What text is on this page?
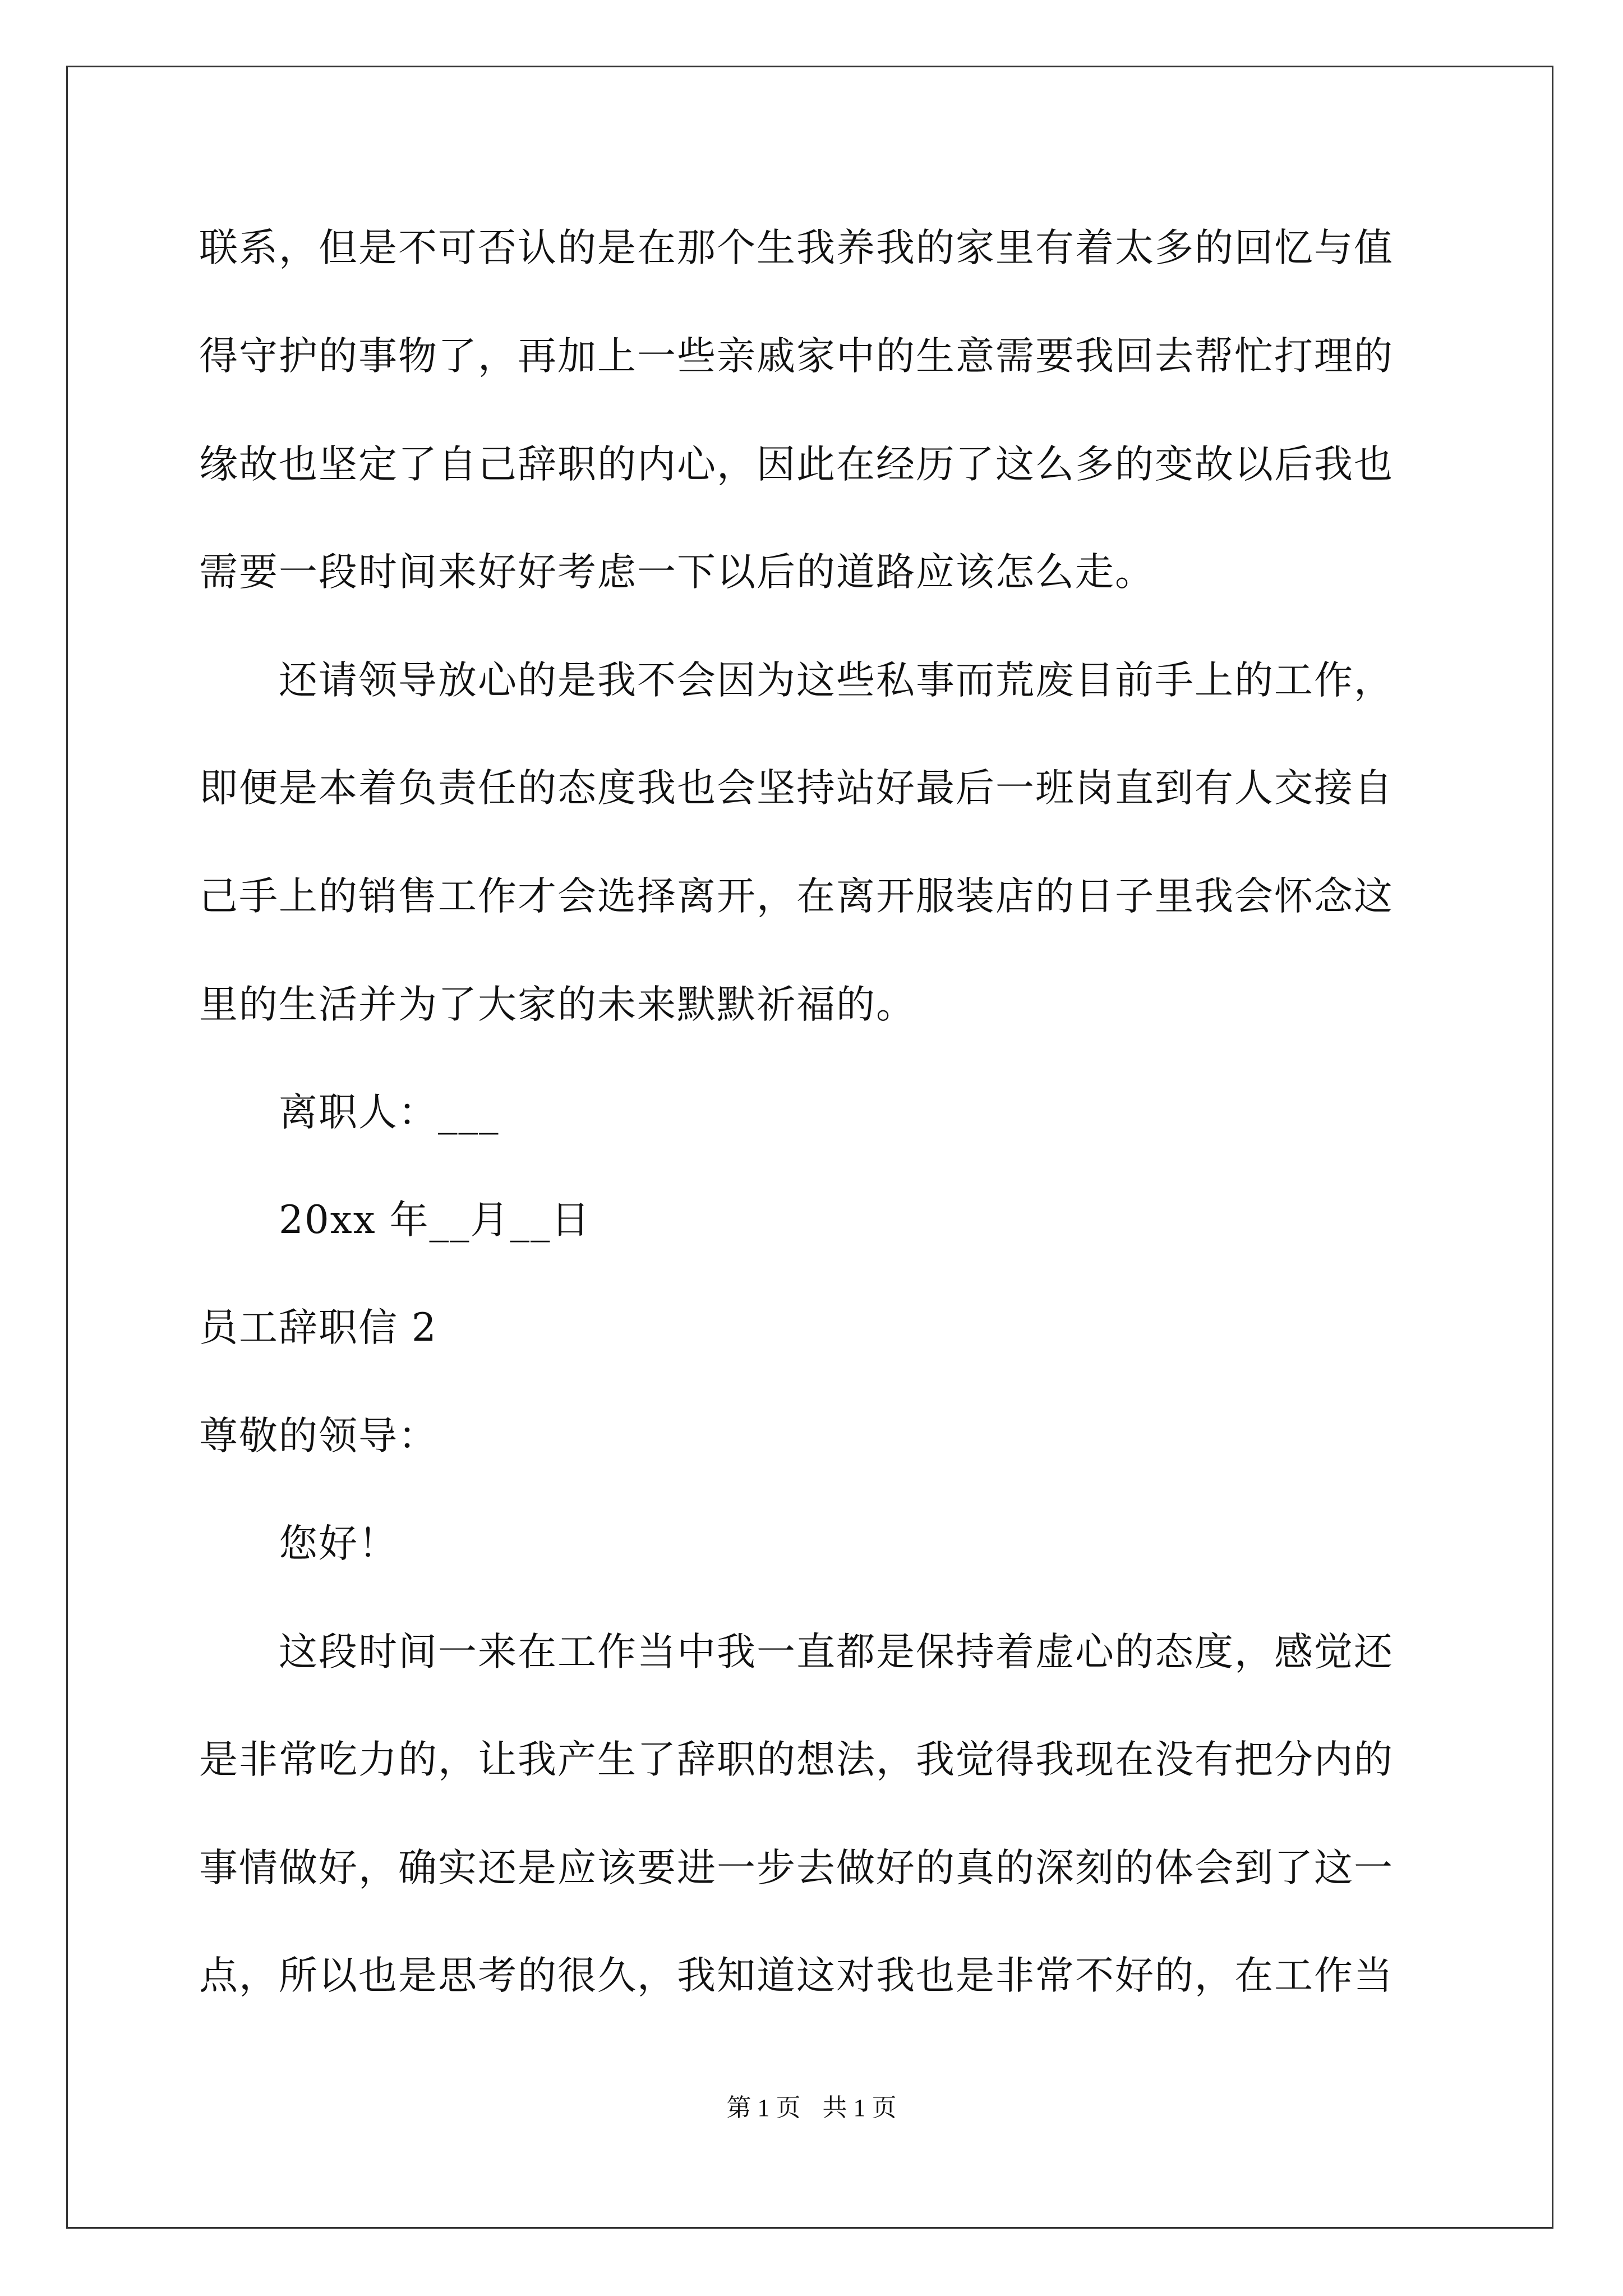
联系，但是不可否认的是在那个生我养我的家里有着太多的回忆与值
得守护的事物了，再加上一些亲戚家中的生意需要我回去帮忙打理的
缘故也坚定了自己辞职的内心，因此在经历了这么多的变故以后我也
需要一段时间来好好考虑一下以后的道路应该怎么走。
还请领导放心的是我不会因为这些私事而荒废目前手上的工作，
即便是本着负责任的态度我也会坚持站好最后一班岗直到有人交接自
己手上的销售工作才会选择离开，在离开服装店的日子里我会怀念这
里的生活并为了大家的未来默默祈福的。
离职人：___
20xx 年__月__日
员工辞职信 2
尊敬的领导：
您好！
这段时间一来在工作当中我一直都是保持着虚心的态度，感觉还
是非常吃力的，让我产生了辞职的想法，我觉得我现在没有把分内的
事情做好，确实还是应该要进一步去做好的真的深刻的体会到了这一
点，所以也是思考的很久，我知道这对我也是非常不好的，在工作当
第 1 页 共 1 页
